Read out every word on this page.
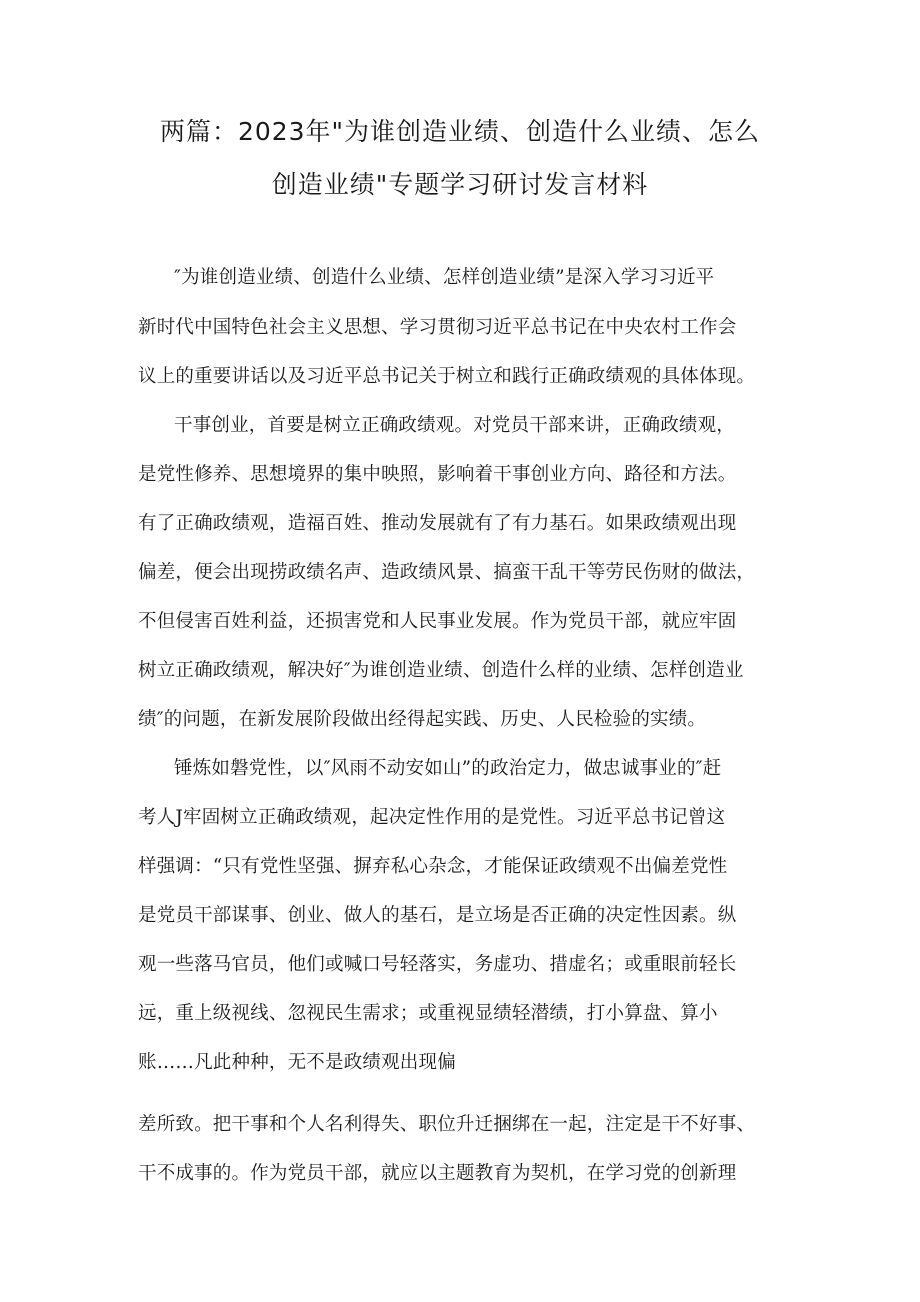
两篇：2023年"为谁创造业绩、创造什么业绩、怎么
创造业绩"专题学习研讨发言材料
″为谁创造业绩、创造什么业绩、怎样创造业绩”是深入学习习近平
新时代中国特色社会主义思想、学习贯彻习近平总书记在中央农村工作会
议上的重要讲话以及习近平总书记关于树立和践行正确政绩观的具体体现。
干事创业，首要是树立正确政绩观。对党员干部来讲，正确政绩观，
是党性修养、思想境界的集中映照，影响着干事创业方向、路径和方法。
有了正确政绩观，造福百姓、推动发展就有了有力基石。如果政绩观出现
偏差，便会出现捞政绩名声、造政绩风景、搞蛮干乱干等劳民伤财的做法，
不但侵害百姓利益，还损害党和人民事业发展。作为党员干部，就应牢固
树立正确政绩观，解决好″为谁创造业绩、创造什么样的业绩、怎样创造业
绩″的问题，在新发展阶段做出经得起实践、历史、人民检验的实绩。
锤炼如磐党性，以″风雨不动安如山”的政治定力，做忠诚事业的″赶
考人J牢固树立正确政绩观，起决定性作用的是党性。习近平总书记曾这
样强调：“只有党性坚强、摒弃私心杂念，才能保证政绩观不出偏差党性
是党员干部谋事、创业、做人的基石，是立场是否正确的决定性因素。纵
观一些落马官员，他们或喊口号轻落实，务虚功、措虚名；或重眼前轻长
远，重上级视线、忽视民生需求；或重视显绩轻潜绩，打小算盘、算小
账……凡此种种，无不是政绩观出现偏
差所致。把干事和个人名利得失、职位升迁捆绑在一起，注定是干不好事、
干不成事的。作为党员干部，就应以主题教育为契机，在学习党的创新理
